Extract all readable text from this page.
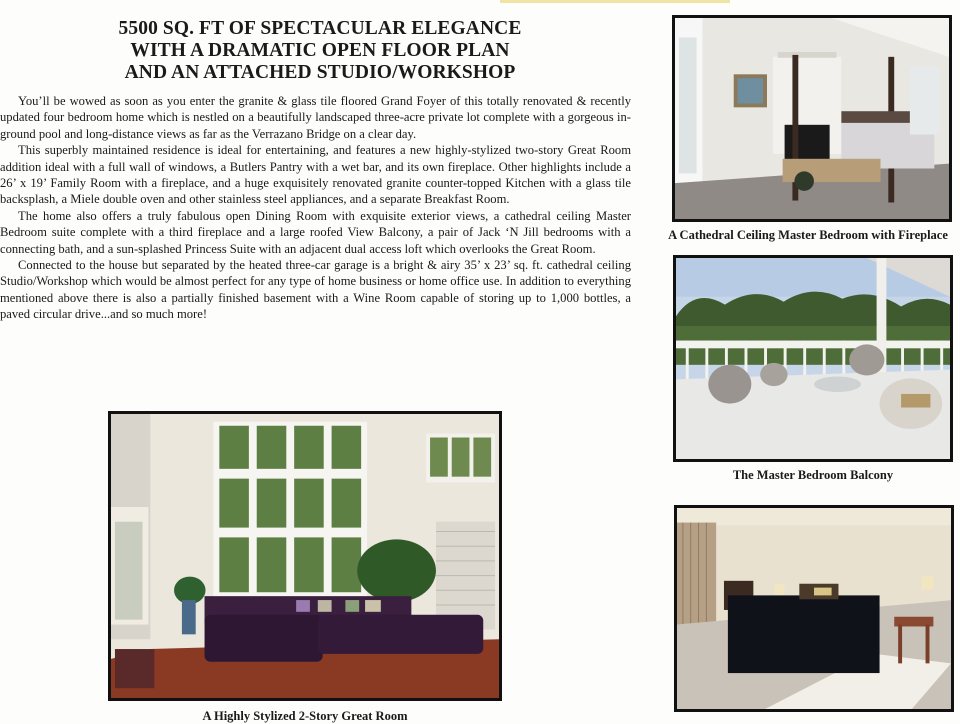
5500 SQ. FT OF SPECTACULAR ELEGANCE
WITH A DRAMATIC OPEN FLOOR PLAN
AND AN ATTACHED STUDIO/WORKSHOP

You’ll be wowed as soon as you enter the granite & glass tile floored Grand Foyer of this totally renovated & recently updated four bedroom home which is nestled on a beautifully landscaped three-acre private lot complete with a gorgeous in-ground pool and long-distance views as far as the Verrazano Bridge on a clear day.

This superbly maintained residence is ideal for entertaining, and features a new highly-stylized two-story Great Room addition ideal with a full wall of windows, a Butlers Pantry with a wet bar, and its own fireplace. Other highlights include a 26’ x 19’ Family Room with a fireplace, and a huge exquisitely renovated granite counter-topped Kitchen with a glass tile backsplash, a Miele double oven and other stainless steel appliances, and a separate Breakfast Room.

The home also offers a truly fabulous open Dining Room with exquisite exterior views, a cathedral ceiling Master Bedroom suite complete with a third fireplace and a large roofed View Balcony, a pair of Jack ‘N Jill bedrooms with a connecting bath, and a sun-splashed Princess Suite with an adjacent dual access loft which overlooks the Great Room.

Connected to the house but separated by the heated three-car garage is a bright & airy 35’ x 23’ sq. ft. cathedral ceiling Studio/Workshop which would be almost perfect for any type of home business or home office use. In addition to everything mentioned above there is also a partially finished basement with a Wine Room capable of storing up to 1,000 bottles, a paved circular drive...and so much more!

A Cathedral Ceiling Master Bedroom with Fireplace
The Master Bedroom Balcony
A Highly Stylized 2-Story Great Room
